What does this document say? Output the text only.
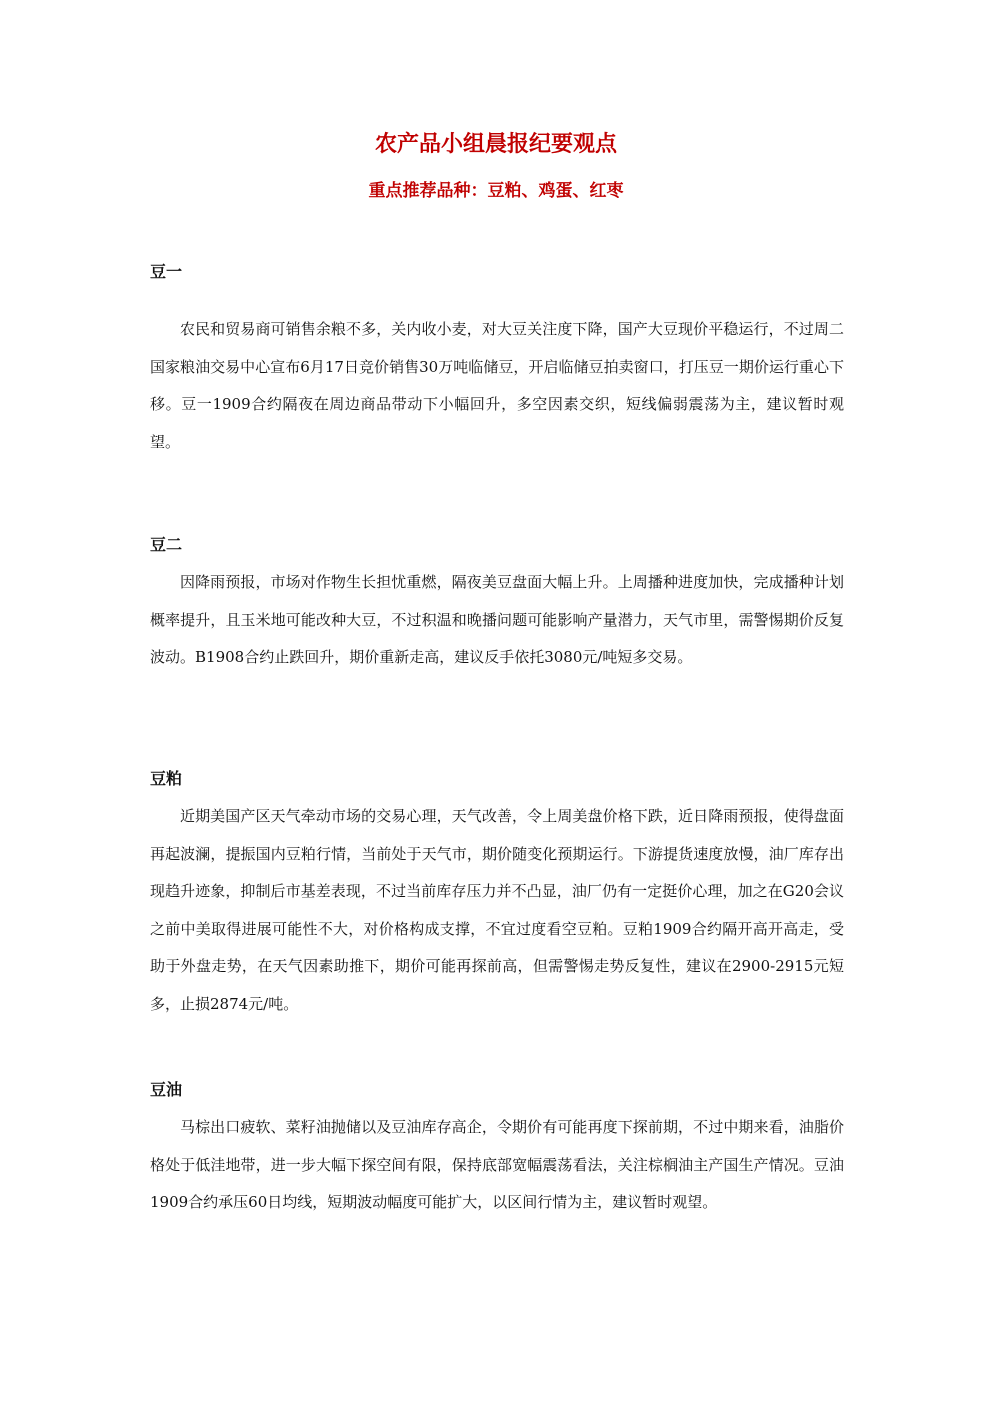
农产品小组晨报纪要观点
重点推荐品种：豆粕、鸡蛋、红枣
豆一

农民和贸易商可销售余粮不多，关内收小麦，对大豆关注度下降，国产大豆现价平稳运行，不过周二国家粮油交易中心宣布6月17日竞价销售30万吨临储豆，开启临储豆拍卖窗口，打压豆一期价运行重心下移。豆一1909合约隔夜在周边商品带动下小幅回升，多空因素交织，短线偏弱震荡为主，建议暂时观望。

豆二

因降雨预报，市场对作物生长担忧重燃，隔夜美豆盘面大幅上升。上周播种进度加快，完成播种计划概率提升，且玉米地可能改种大豆，不过积温和晚播问题可能影响产量潜力，天气市里，需警惕期价反复波动。B1908合约止跌回升，期价重新走高，建议反手依托3080元/吨短多交易。

豆粕

近期美国产区天气牵动市场的交易心理，天气改善，令上周美盘价格下跌，近日降雨预报，使得盘面再起波澜，提振国内豆粕行情，当前处于天气市，期价随变化预期运行。下游提货速度放慢，油厂库存出现趋升迹象，抑制后市基差表现，不过当前库存压力并不凸显，油厂仍有一定挺价心理，加之在G20会议之前中美取得进展可能性不大，对价格构成支撑，不宜过度看空豆粕。豆粕1909合约隔开高开高走，受助于外盘走势，在天气因素助推下，期价可能再探前高，但需警惕走势反复性，建议在2900-2915元短多，止损2874元/吨。

豆油

马棕出口疲软、菜籽油抛储以及豆油库存高企，令期价有可能再度下探前期，不过中期来看，油脂价格处于低洼地带，进一步大幅下探空间有限，保持底部宽幅震荡看法，关注棕榈油主产国生产情况。豆油1909合约承压60日均线，短期波动幅度可能扩大，以区间行情为主，建议暂时观望。
